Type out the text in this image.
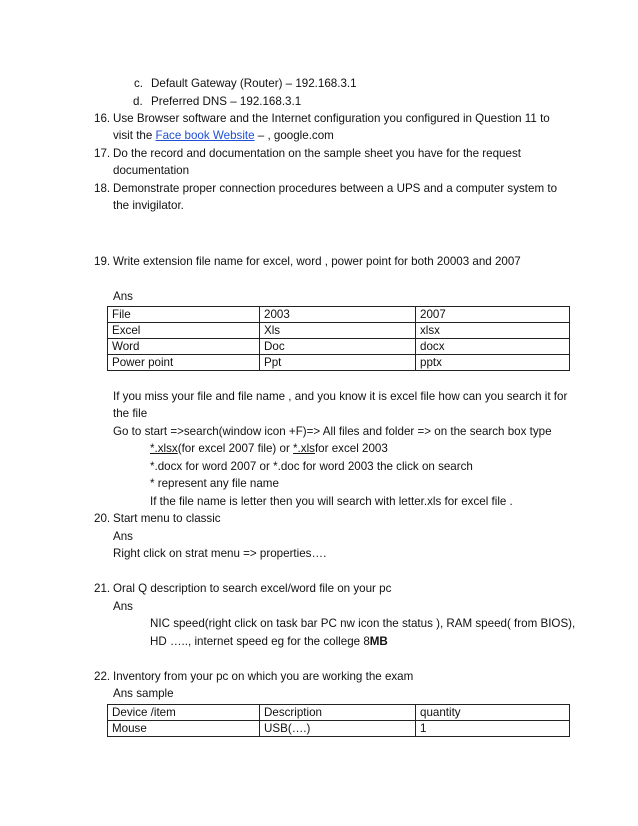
c. Default Gateway (Router) – 192.168.3.1
d. Preferred DNS – 192.168.3.1
16. Use Browser software and the Internet configuration you configured in Question 11 to
visit the Face book Website – , google.com
17. Do the record and documentation on the sample sheet you have for the request
documentation
18. Demonstrate proper connection procedures between a UPS and a computer system to
the invigilator.
19. Write extension file name for excel, word , power point for both 20003 and 2007
Ans
File	2003	2007
Excel	Xls	xlsx
Word	Doc	docx
Power point	Ppt	pptx
If you miss your file and file name , and you know it is excel file how can you search it for
the file
Go to start =>search(window icon +F)=> All files and folder => on the search box type
*.xlsx(for excel 2007 file) or *.xlsfor excel 2003
*.docx for word 2007 or *.doc for word 2003 the click on search
* represent any file name
If the file name is letter then you will search with letter.xls for excel file .
20. Start menu to classic
Ans
Right click on strat menu => properties….
21. Oral Q description to search excel/word file on your pc
Ans
NIC speed(right click on task bar PC nw icon the status ), RAM speed( from BIOS),
HD ….., internet speed eg for the college 8MB
22. Inventory from your pc on which you are working the exam
Ans sample
Device /item	Description	quantity
Mouse	USB(….)	1
